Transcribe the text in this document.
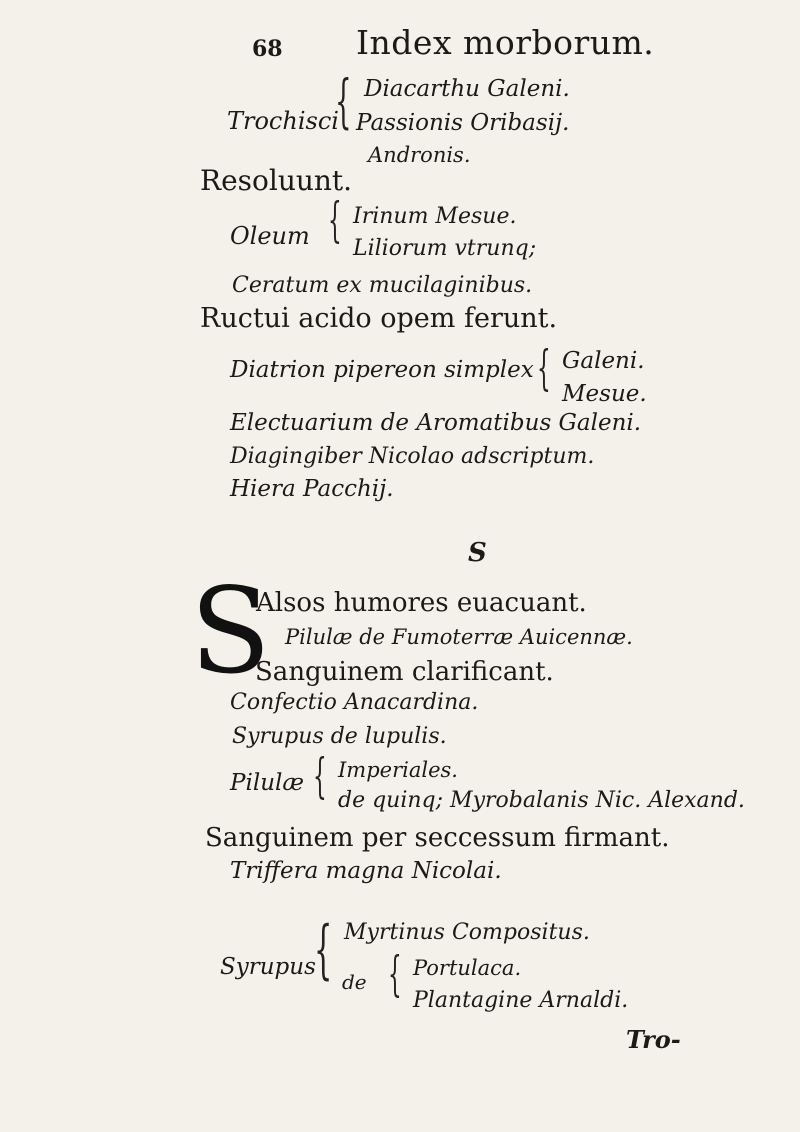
68 Index morborum.
{
Trochisci
Diacarthu Galeni.
Passionis Oribasij.
Andronis.
Resoluunt.
Oleum { Irinum Mesue.
Liliorum vtrunq;
Ceratum ex mucilaginibus.
Ructui acido opem ferunt.
Diatrion pipereon simplex { Galeni.
Mesue.
Electuarium de Aromatibus Galeni.
Diagingiber Nicolao adscriptum.
Hiera Pacchij.
S
S
Alsos humores euacuant.
Pilulæ de Fumoterræ Auicennæ.
Sanguinem clarificant.
Confectio Anacardina.
Syrupus de lupulis.
Pilulæ { Imperiales.
de quinq; Myrobalanis Nic. Alexand.
Sanguinem per seccessum firmant.
Triffera magna Nicolai.
Syrupus
{ Myrtinus Compositus.
de { Portulaca.
Plantagine Arnaldi.
Tro-
